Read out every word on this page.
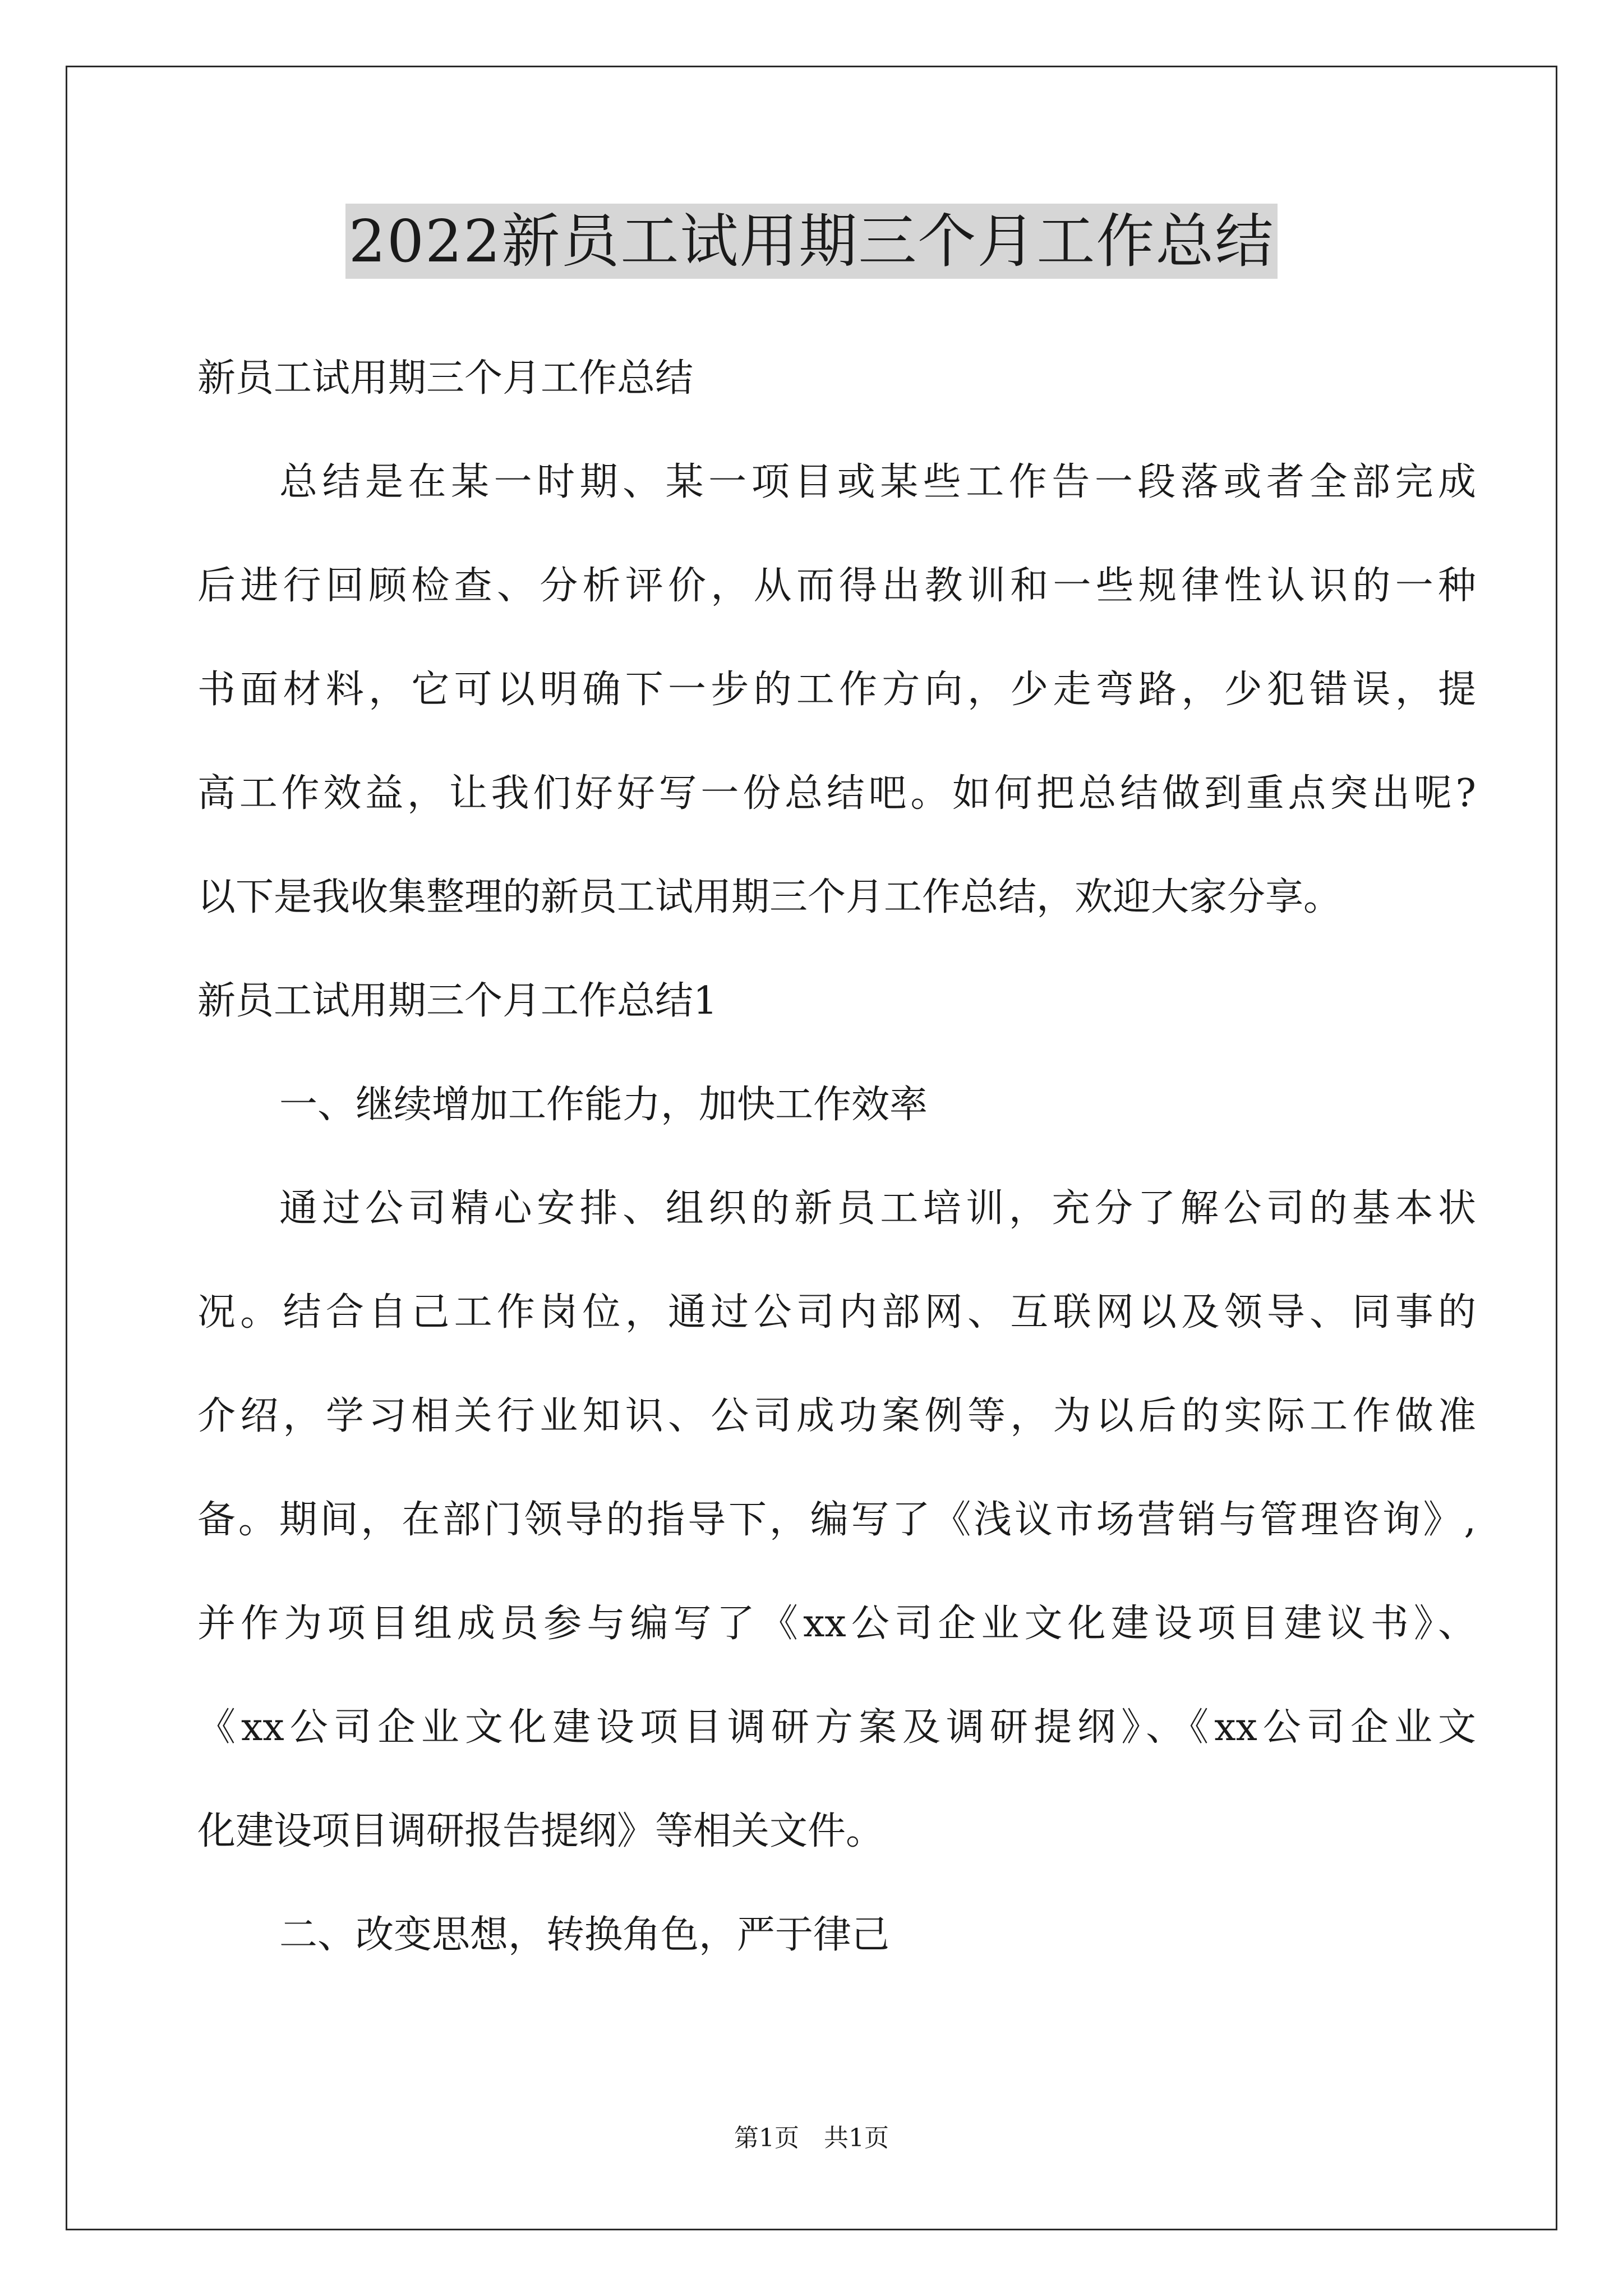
2022新员工试用期三个月工作总结
新员工试用期三个月工作总结
总结是在某一时期、某一项目或某些工作告一段落或者全部完成
后进行回顾检查、分析评价，从而得出教训和一些规律性认识的一种
书面材料，它可以明确下一步的工作方向，少走弯路，少犯错误，提
高工作效益，让我们好好写一份总结吧。如何把总结做到重点突出呢?
以下是我收集整理的新员工试用期三个月工作总结，欢迎大家分享。
新员工试用期三个月工作总结1
一、继续增加工作能力，加快工作效率
通过公司精心安排、组织的新员工培训，充分了解公司的基本状
况。结合自己工作岗位，通过公司内部网、互联网以及领导、同事的
介绍，学习相关行业知识、公司成功案例等，为以后的实际工作做准
备。期间，在部门领导的指导下，编写了《浅议市场营销与管理咨询》,
并作为项目组成员参与编写了《xx公司企业文化建设项目建议书》、
《xx公司企业文化建设项目调研方案及调研提纲》、《xx公司企业文
化建设项目调研报告提纲》等相关文件。
二、改变思想，转换角色，严于律己
第1页　共1页
